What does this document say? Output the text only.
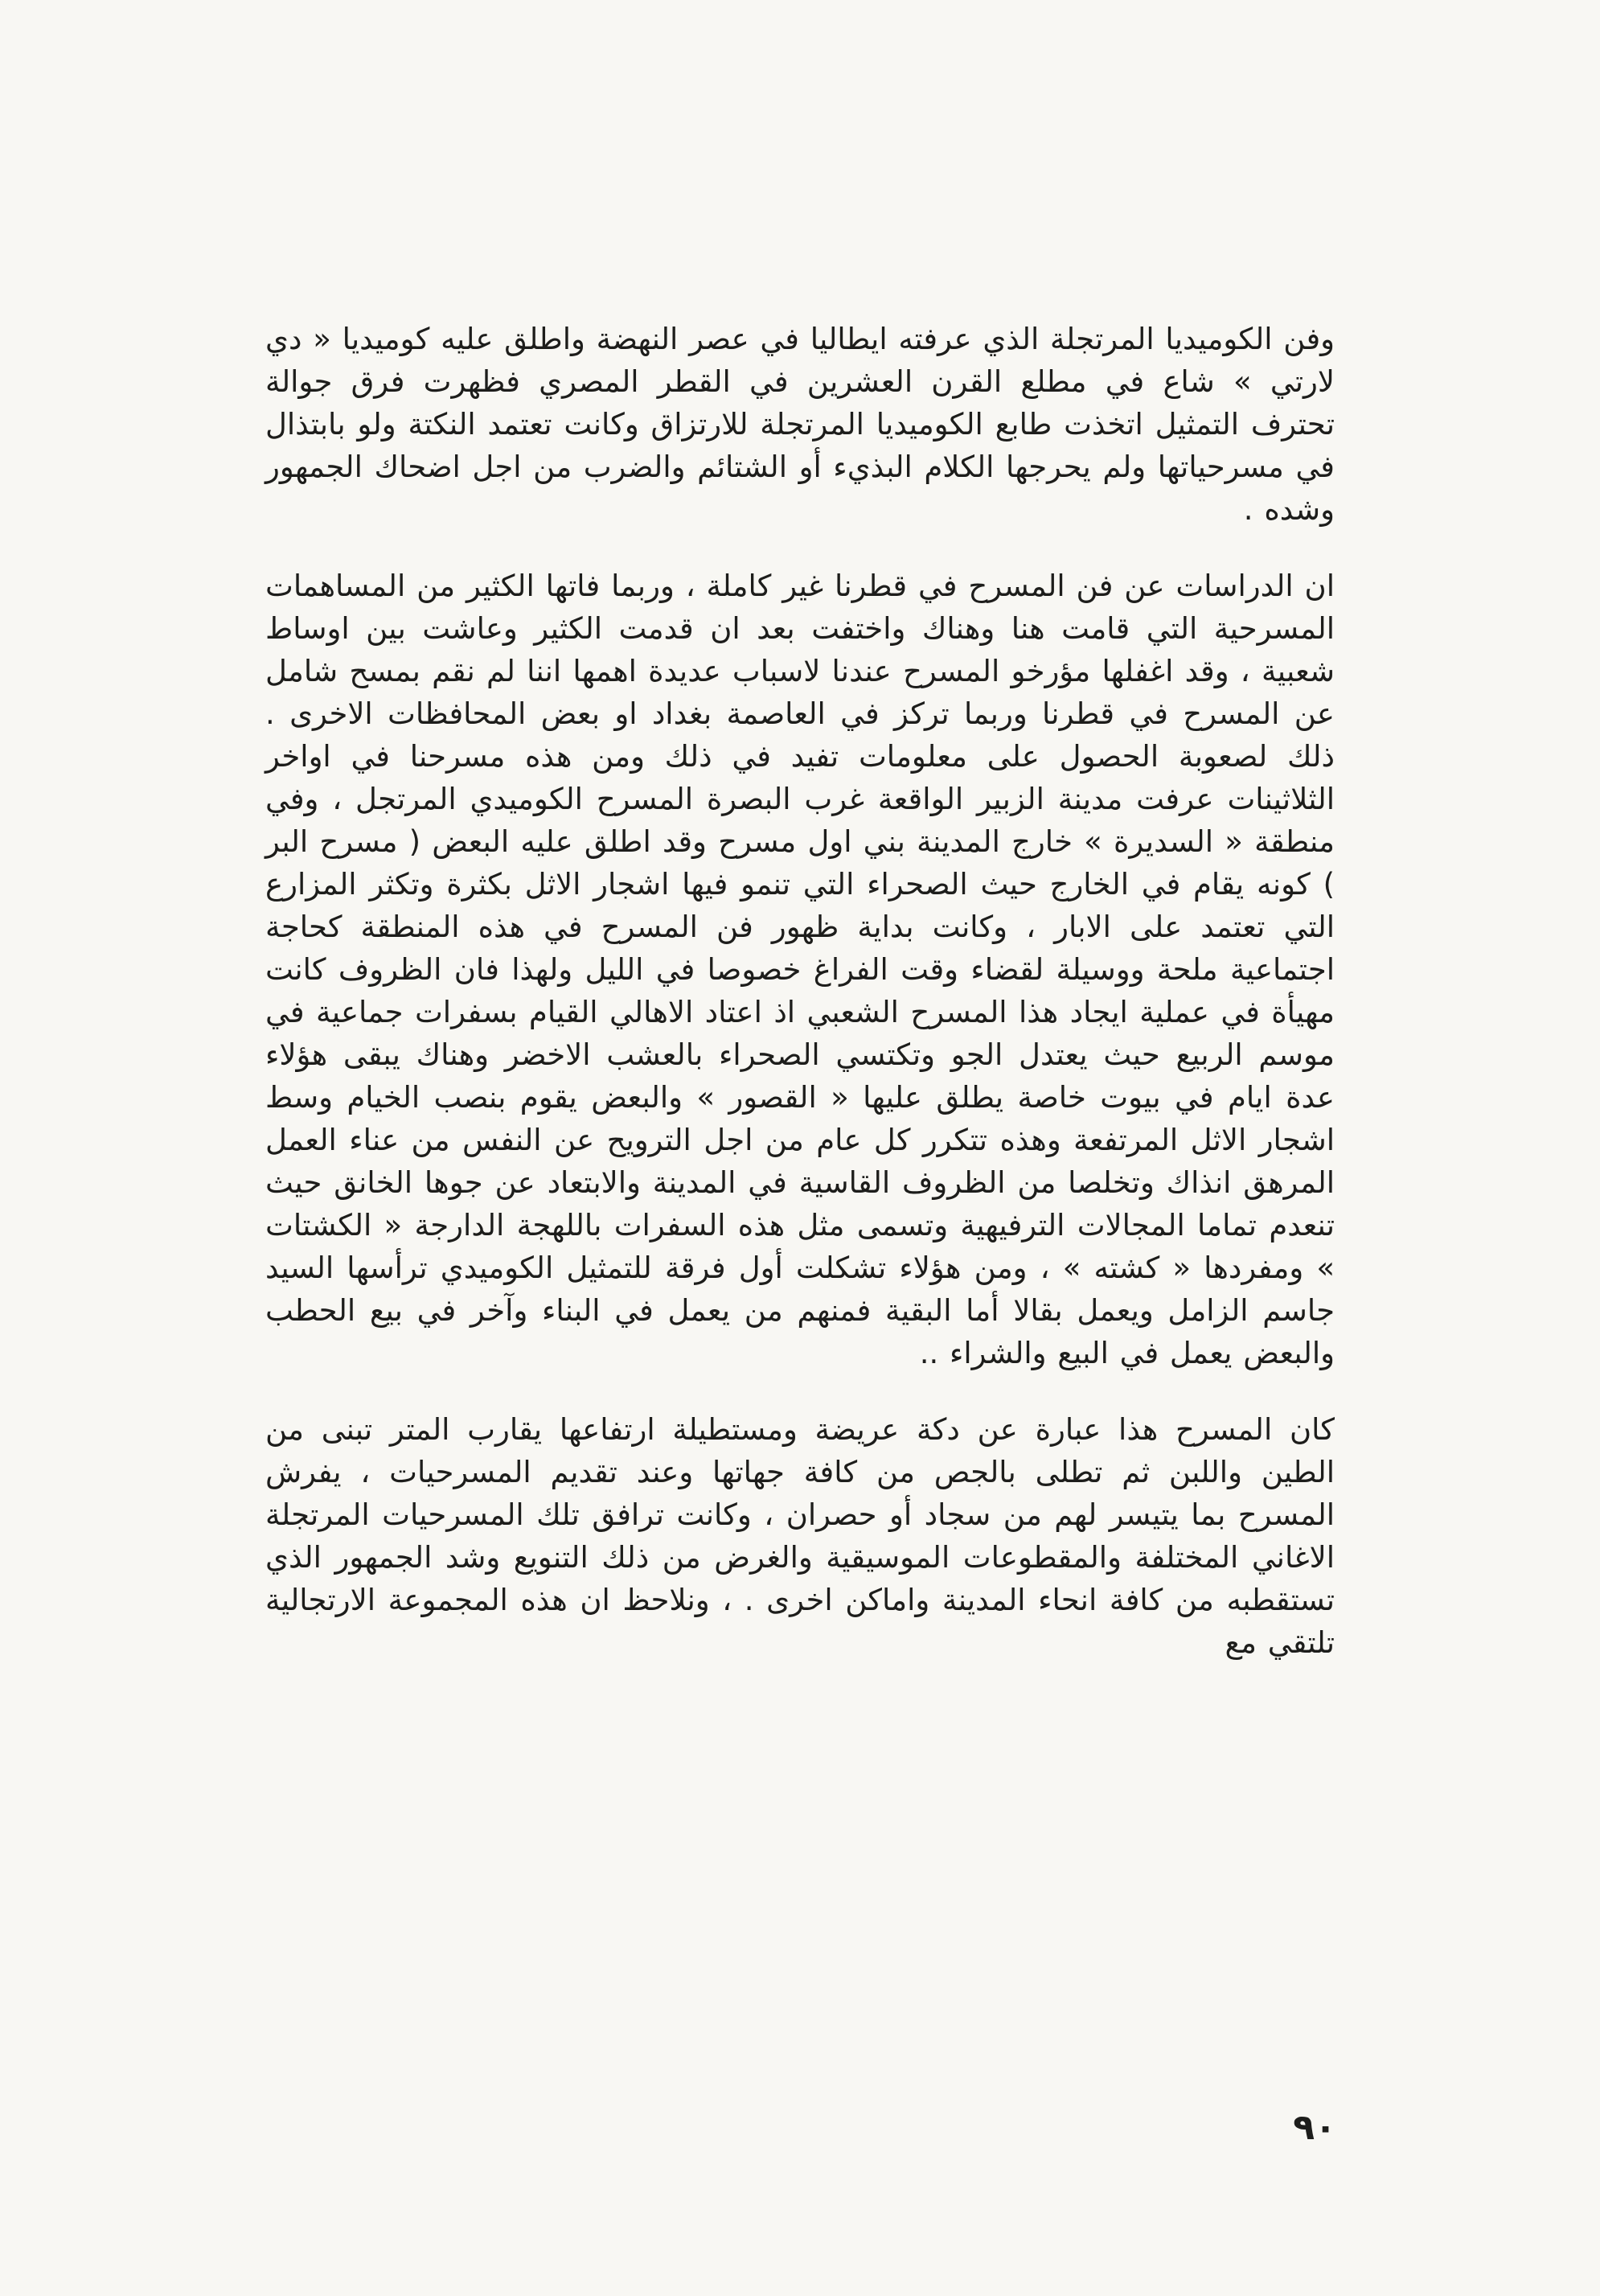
وفن الكوميديا المرتجلة الذي عرفته ايطاليا في عصر النهضة واطلق عليه كوميديا « دي لارتي » شاع في مطلع القرن العشرين في القطر المصري فظهرت فرق جوالة تحترف التمثيل اتخذت طابع الكوميديا المرتجلة للارتزاق وكانت تعتمد النكتة ولو بابتذال في مسرحياتها ولم يحرجها الكلام البذيء أو الشتائم والضرب من اجل اضحاك الجمهور وشده .

ان الدراسات عن فن المسرح في قطرنا غير كاملة ، وربما فاتها الكثير من المساهمات المسرحية التي قامت هنا وهناك واختفت بعد ان قدمت الكثير وعاشت بين اوساط شعبية ، وقد اغفلها مؤرخو المسرح عندنا لاسباب عديدة اهمها اننا لم نقم بمسح شامل عن المسرح في قطرنا وربما تركز في العاصمة بغداد او بعض المحافظات الاخرى . ذلك لصعوبة الحصول على معلومات تفيد في ذلك ومن هذه مسرحنا في اواخر الثلاثينات عرفت مدينة الزبير الواقعة غرب البصرة المسرح الكوميدي المرتجل ، وفي منطقة « السديرة » خارج المدينة بني اول مسرح وقد اطلق عليه البعض ( مسرح البر ) كونه يقام في الخارج حيث الصحراء التي تنمو فيها اشجار الاثل بكثرة وتكثر المزارع التي تعتمد على الابار ، وكانت بداية ظهور فن المسرح في هذه المنطقة كحاجة اجتماعية ملحة ووسيلة لقضاء وقت الفراغ خصوصا في الليل ولهذا فان الظروف كانت مهيأة في عملية ايجاد هذا المسرح الشعبي اذ اعتاد الاهالي القيام بسفرات جماعية في موسم الربيع حيث يعتدل الجو وتكتسي الصحراء بالعشب الاخضر وهناك يبقى هؤلاء عدة ايام في بيوت خاصة يطلق عليها « القصور » والبعض يقوم بنصب الخيام وسط اشجار الاثل المرتفعة وهذه تتكرر كل عام من اجل الترويح عن النفس من عناء العمل المرهق انذاك وتخلصا من الظروف القاسية في المدينة والابتعاد عن جوها الخانق حيث تنعدم تماما المجالات الترفيهية وتسمى مثل هذه السفرات باللهجة الدارجة « الكشتات » ومفردها « كشته » ، ومن هؤلاء تشكلت أول فرقة للتمثيل الكوميدي ترأسها السيد جاسم الزامل ويعمل بقالا أما البقية فمنهم من يعمل في البناء وآخر في بيع الحطب والبعض يعمل في البيع والشراء ..

كان المسرح هذا عبارة عن دكة عريضة ومستطيلة ارتفاعها يقارب المتر تبنى من الطين واللبن ثم تطلى بالجص من كافة جهاتها وعند تقديم المسرحيات ، يفرش المسرح بما يتيسر لهم من سجاد أو حصران ، وكانت ترافق تلك المسرحيات المرتجلة الاغاني المختلفة والمقطوعات الموسيقية والغرض من ذلك التنويع وشد الجمهور الذي تستقطبه من كافة انحاء المدينة واماكن اخرى . ، ونلاحظ ان هذه المجموعة الارتجالية تلتقي مع

٩٠
